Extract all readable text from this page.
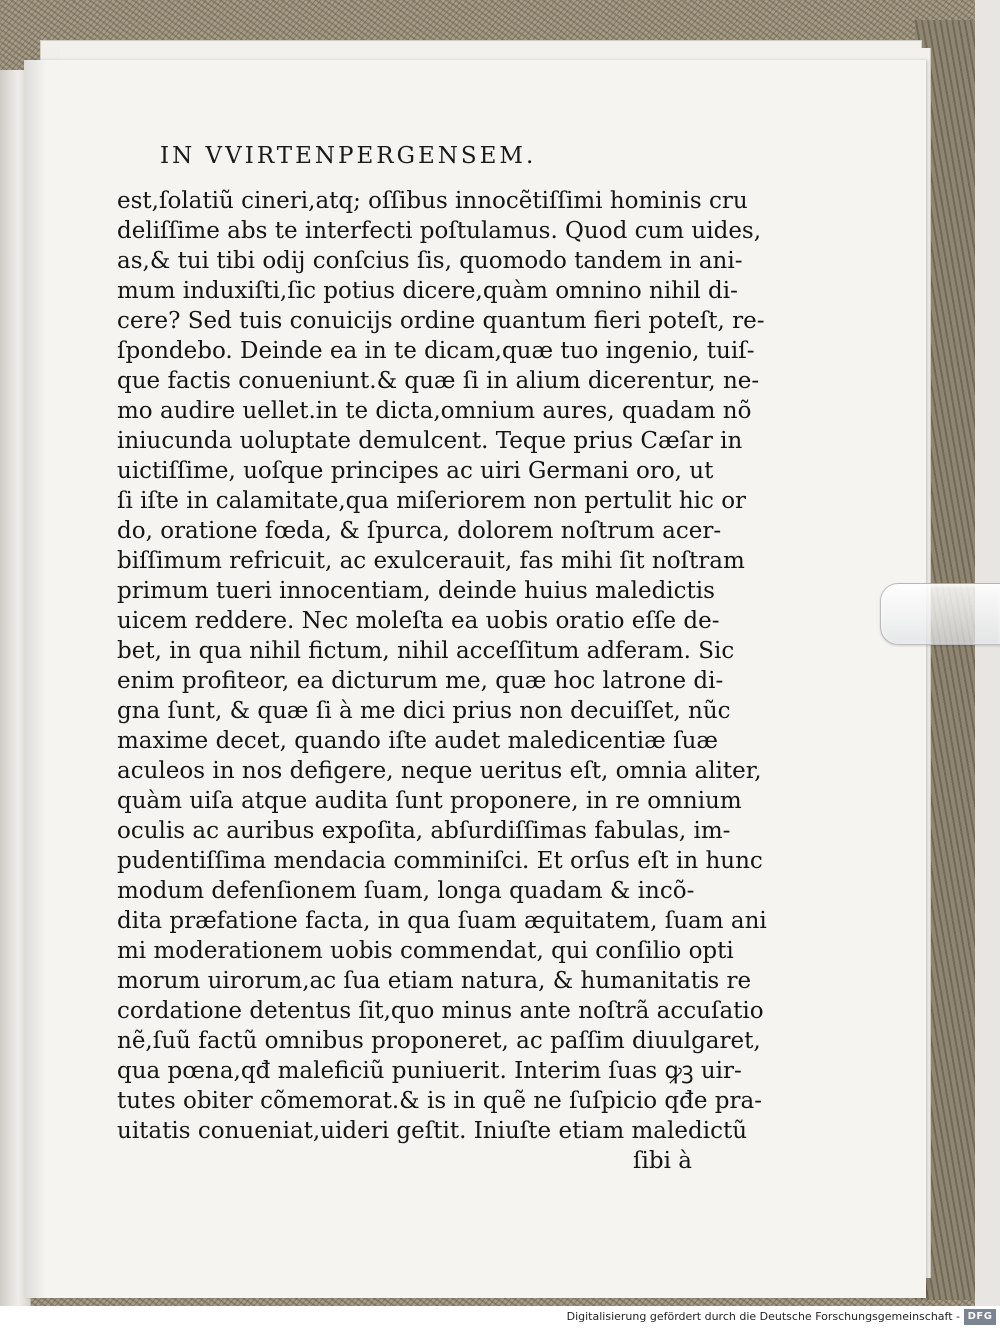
IN VVIRTENPERGENSEM.
est,ſolatiũ cineri,atq; oſſibus innocẽtiſſimi hominis cru
deliſſime abs te interfecti poſtulamus. Quod cum uides,
as,& tui tibi odij conſcius ſis, quomodo tandem in ani-
mum induxiſti,ſic potius dicere,quàm omnino nihil di-
cere? Sed tuis conuicijs ordine quantum fieri poteſt, re-
ſpondebo. Deinde ea in te dicam,quæ tuo ingenio, tuiſ-
que factis conueniunt.& quæ ſi in alium dicerentur, ne-
mo audire uellet.in te dicta,omnium aures, quadam nõ
iniucunda uoluptate demulcent. Teque prius Cæſar in
uictiſſime, uoſque principes ac uiri Germani oro, ut
ſi iſte in calamitate,qua miſeriorem non pertulit hic or
do, oratione fœda, & ſpurca, dolorem noſtrum acer-
biſſimum refricuit, ac exulcerauit, fas mihi ſit noſtram
primum tueri innocentiam, deinde huius maledictis
uicem reddere. Nec moleſta ea uobis oratio eſſe de-
bet, in qua nihil fictum, nihil acceſſitum adferam. Sic
enim profiteor, ea dicturum me, quæ hoc latrone di-
gna ſunt, & quæ ſi à me dici prius non decuiſſet, nũc
maxime decet, quando iſte audet maledicentiæ ſuæ
aculeos in nos defigere, neque ueritus eſt, omnia aliter,
quàm uiſa atque audita ſunt proponere, in re omnium
oculis ac auribus expoſita, abſurdiſſimas fabulas, im-
pudentiſſima mendacia comminiſci. Et orſus eſt in hunc
modum defenſionem ſuam, longa quadam & incõ-
dita præfatione facta, in qua ſuam æquitatem, ſuam ani
mi moderationem uobis commendat, qui conſilio opti
morum uirorum,ac ſua etiam natura, & humanitatis re
cordatione detentus ſit,quo minus ante noſtrã accuſatio
nẽ,ſuũ factũ omnibus proponeret, ac paſſim diuulgaret,
qua pœna,qđ maleficiũ puniuerit. Interim ſuas ꝙꝫ uir-
tutes obiter cõmemorat.& is in quẽ ne ſuſpicio qđe pra-
uitatis conueniat,uideri geſtit. Iniuſte etiam maledictũ
ſibi à
Digitalisierung gefördert durch die Deutsche Forschungsgemeinschaft - DFG
